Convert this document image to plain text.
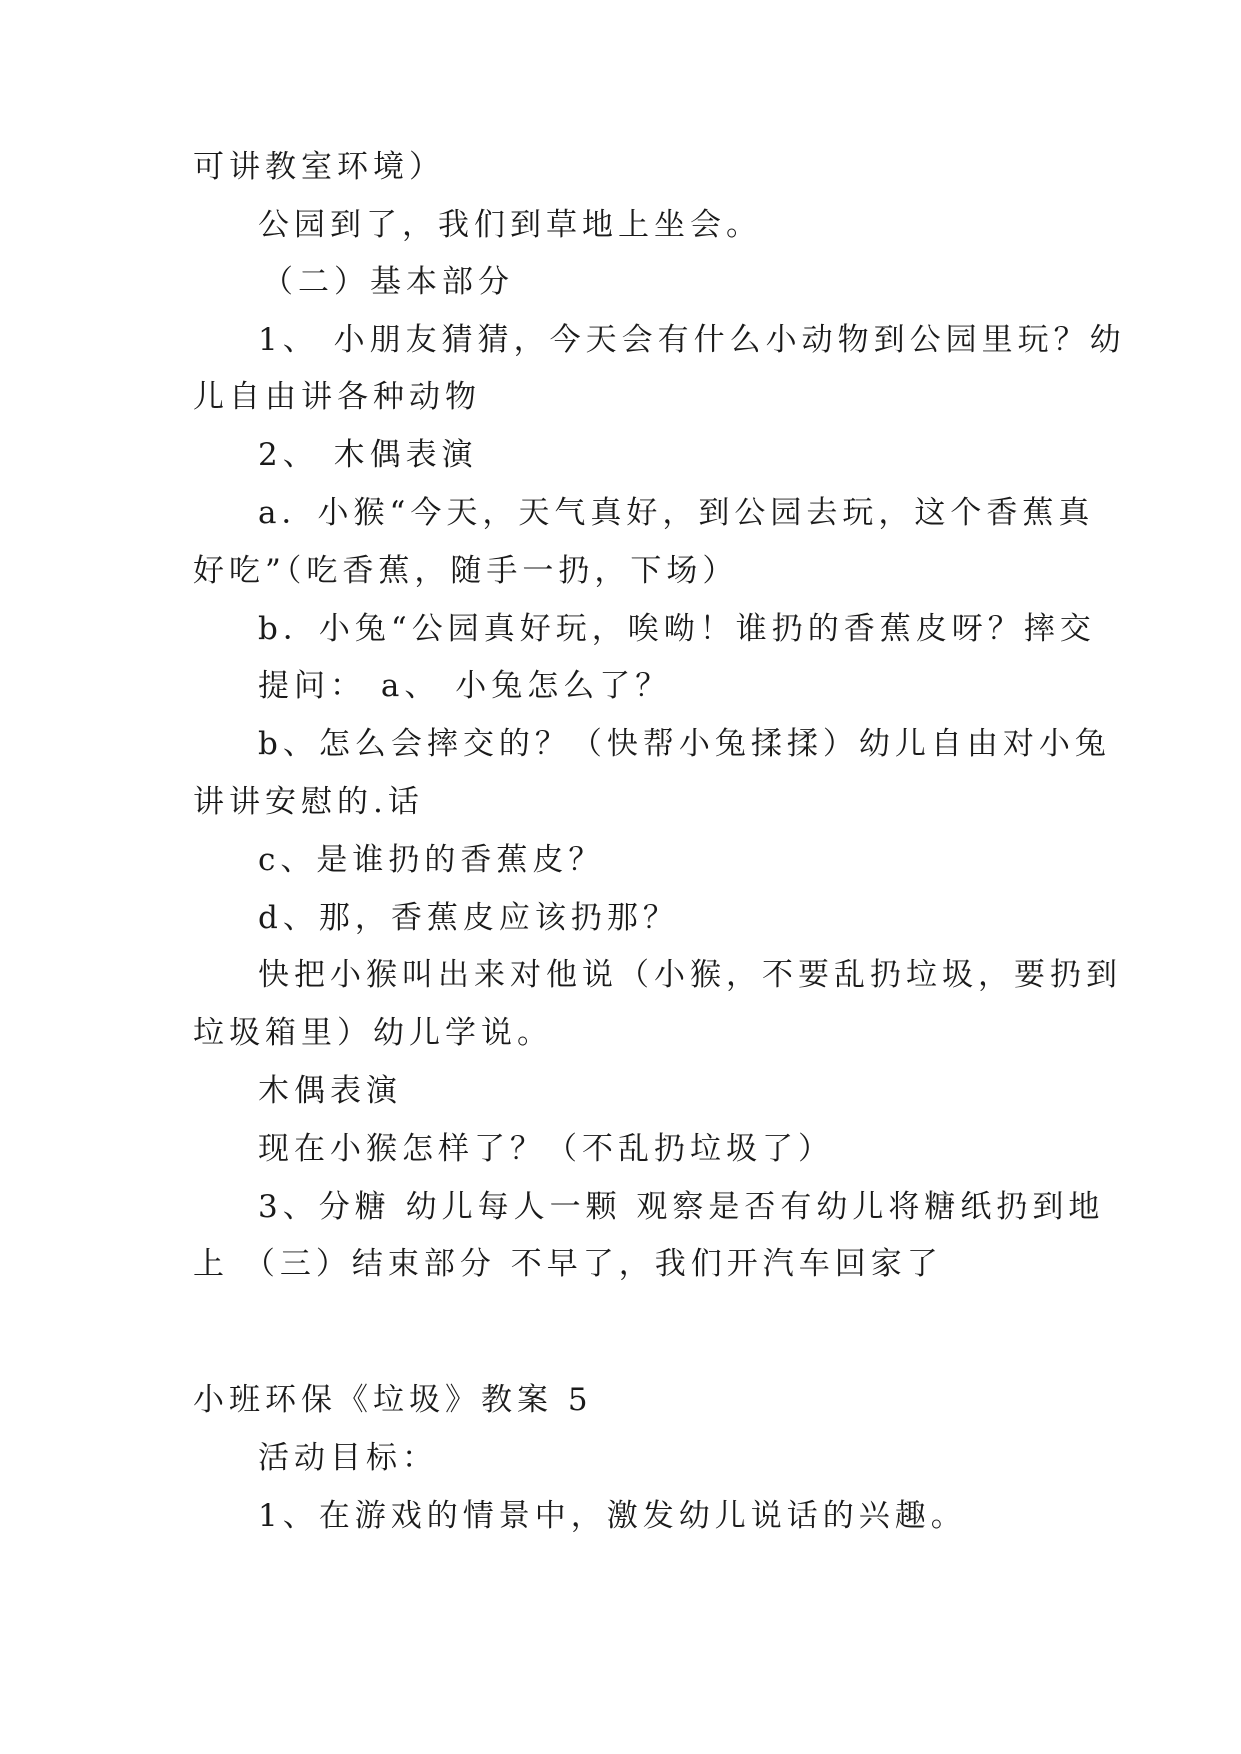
可讲教室环境）
公园到了，我们到草地上坐会。
（二）基本部分
1、 小朋友猜猜，今天会有什么小动物到公园里玩？幼
儿自由讲各种动物
2、 木偶表演
a．小猴“今天，天气真好，到公园去玩，这个香蕉真
好吃”（吃香蕉，随手一扔，下场）
b．小兔“公园真好玩，唉呦！谁扔的香蕉皮呀？摔交
提问： a、 小兔怎么了？
b、怎么会摔交的？（快帮小兔揉揉）幼儿自由对小兔
讲讲安慰的.话
c、是谁扔的香蕉皮？
d、那，香蕉皮应该扔那？
快把小猴叫出来对他说（小猴，不要乱扔垃圾，要扔到
垃圾箱里）幼儿学说。
木偶表演
现在小猴怎样了？（不乱扔垃圾了）
3、分糖 幼儿每人一颗 观察是否有幼儿将糖纸扔到地
上 （三）结束部分 不早了，我们开汽车回家了
小班环保《垃圾》教案 5
活动目标：
1、在游戏的情景中，激发幼儿说话的兴趣。
